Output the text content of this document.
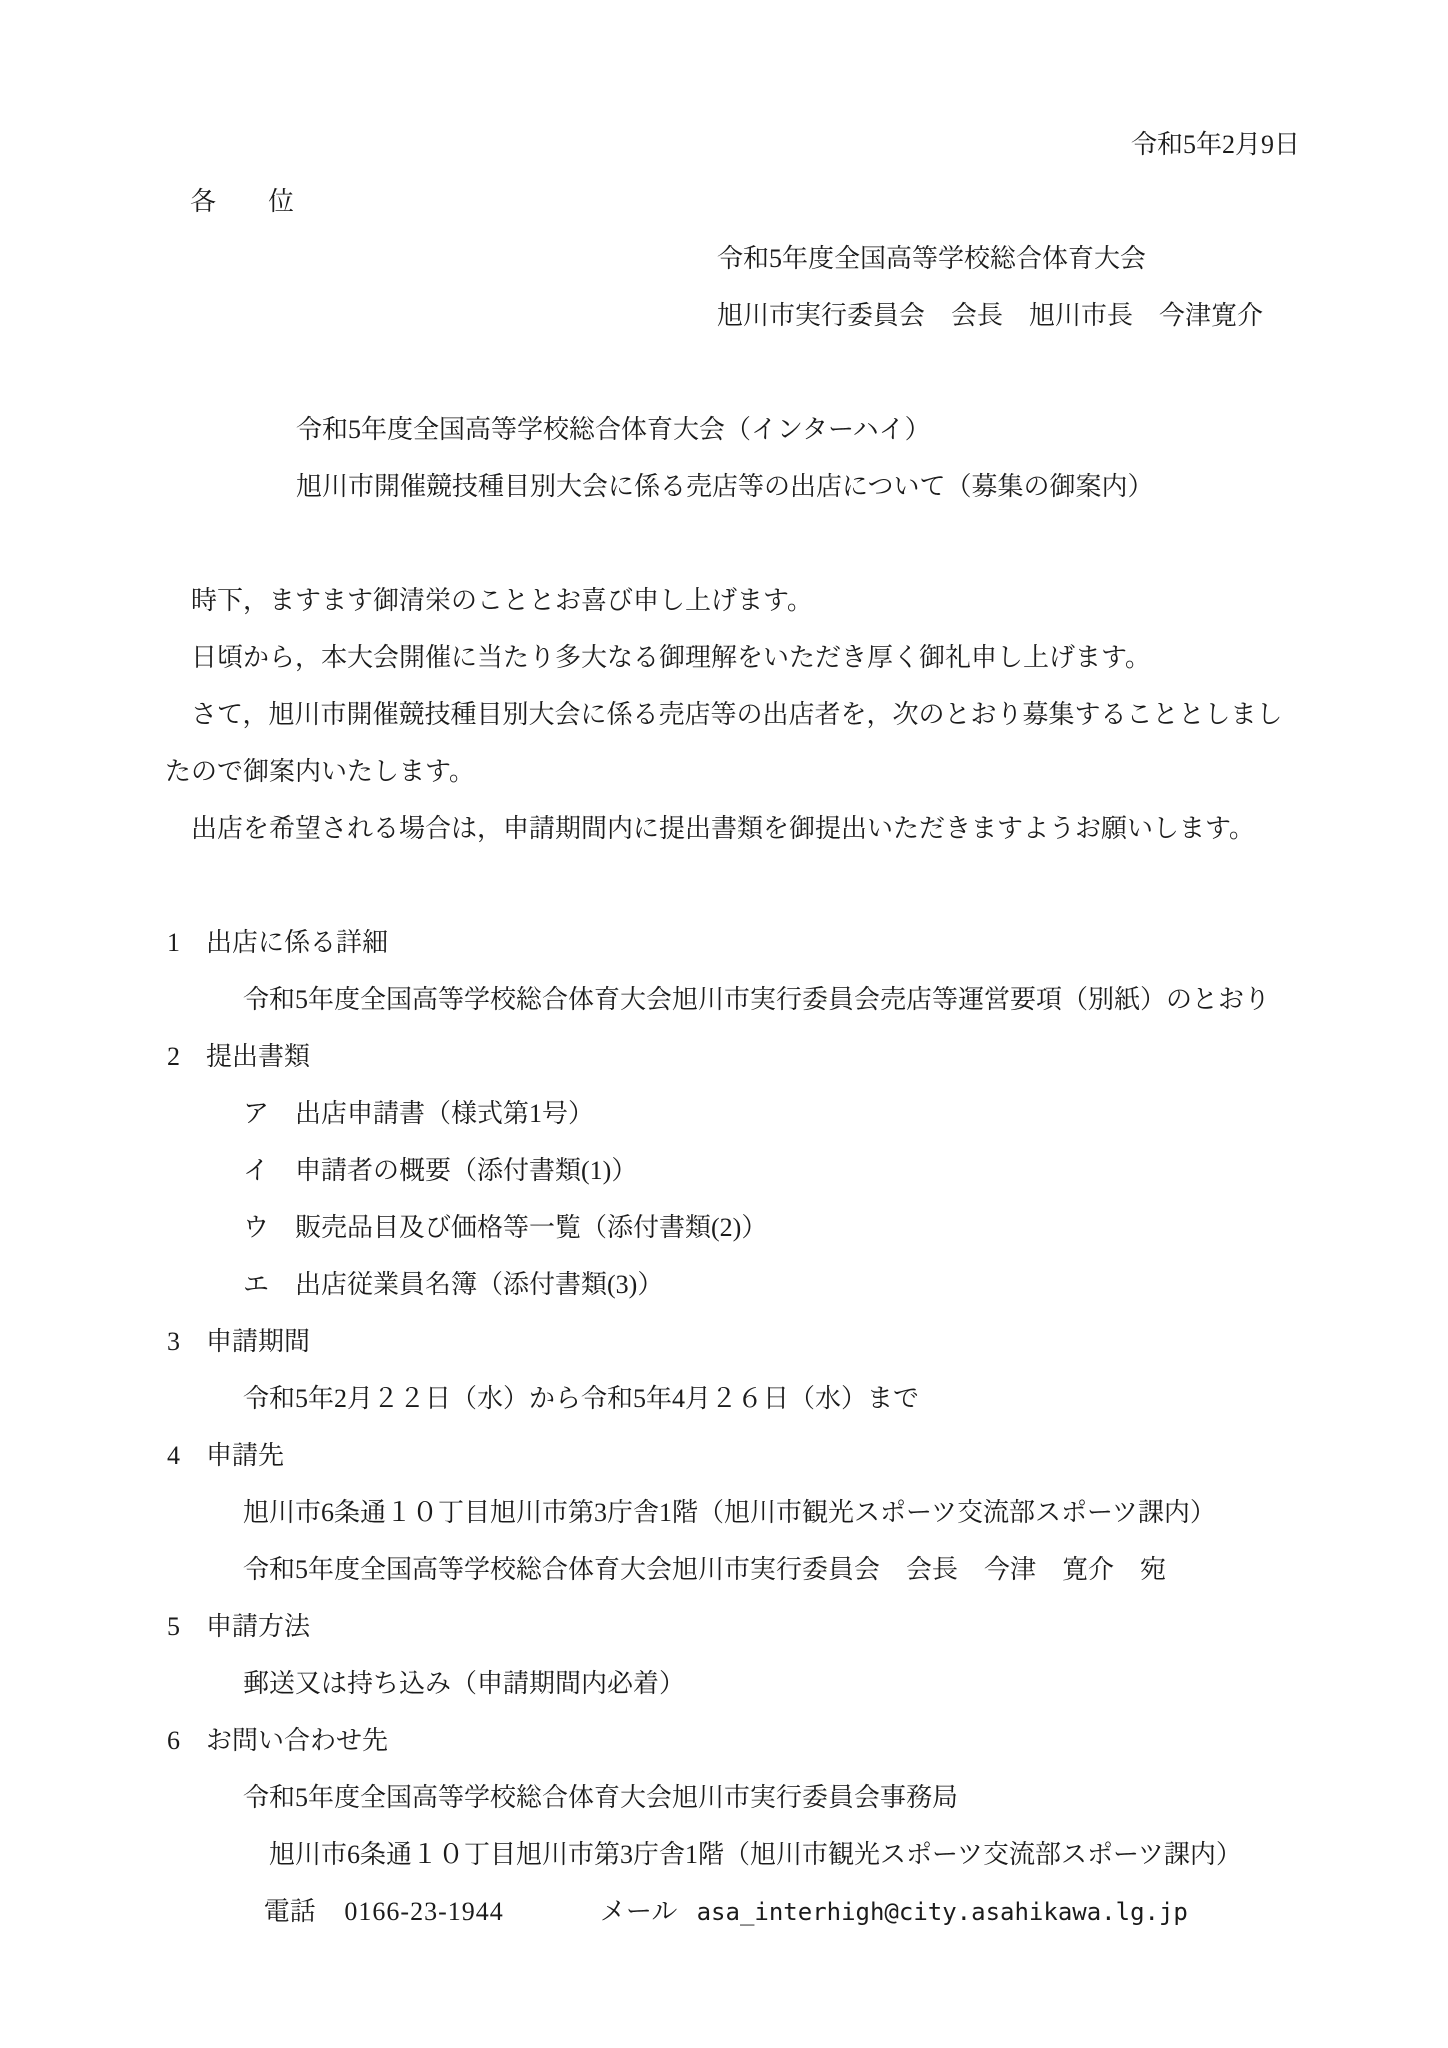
令和5年2月9日
各　　位
令和5年度全国高等学校総合体育大会
旭川市実行委員会　会長　旭川市長　今津寛介
令和5年度全国高等学校総合体育大会（インターハイ）
旭川市開催競技種目別大会に係る売店等の出店について（募集の御案内）
時下，ますます御清栄のこととお喜び申し上げます。
日頃から，本大会開催に当たり多大なる御理解をいただき厚く御礼申し上げます。
さて，旭川市開催競技種目別大会に係る売店等の出店者を，次のとおり募集することとしまし
たので御案内いたします。
出店を希望される場合は，申請期間内に提出書類を御提出いただきますようお願いします。
1　出店に係る詳細
令和5年度全国高等学校総合体育大会旭川市実行委員会売店等運営要項（別紙）のとおり
2　提出書類
ア　出店申請書（様式第1号）
イ　申請者の概要（添付書類(1)）
ウ　販売品目及び価格等一覧（添付書類(2)）
エ　出店従業員名簿（添付書類(3)）
3　申請期間
令和5年2月２２日（水）から令和5年4月２６日（水）まで
4　申請先
旭川市6条通１０丁目旭川市第3庁舎1階（旭川市観光スポーツ交流部スポーツ課内）
令和5年度全国高等学校総合体育大会旭川市実行委員会　会長　今津　寛介　宛
5　申請方法
郵送又は持ち込み（申請期間内必着）
6　お問い合わせ先
令和5年度全国高等学校総合体育大会旭川市実行委員会事務局
旭川市6条通１０丁目旭川市第3庁舎1階（旭川市観光スポーツ交流部スポーツ課内）
電話 0166-23-1944	メール asa_interhigh@city.asahikawa.lg.jp
